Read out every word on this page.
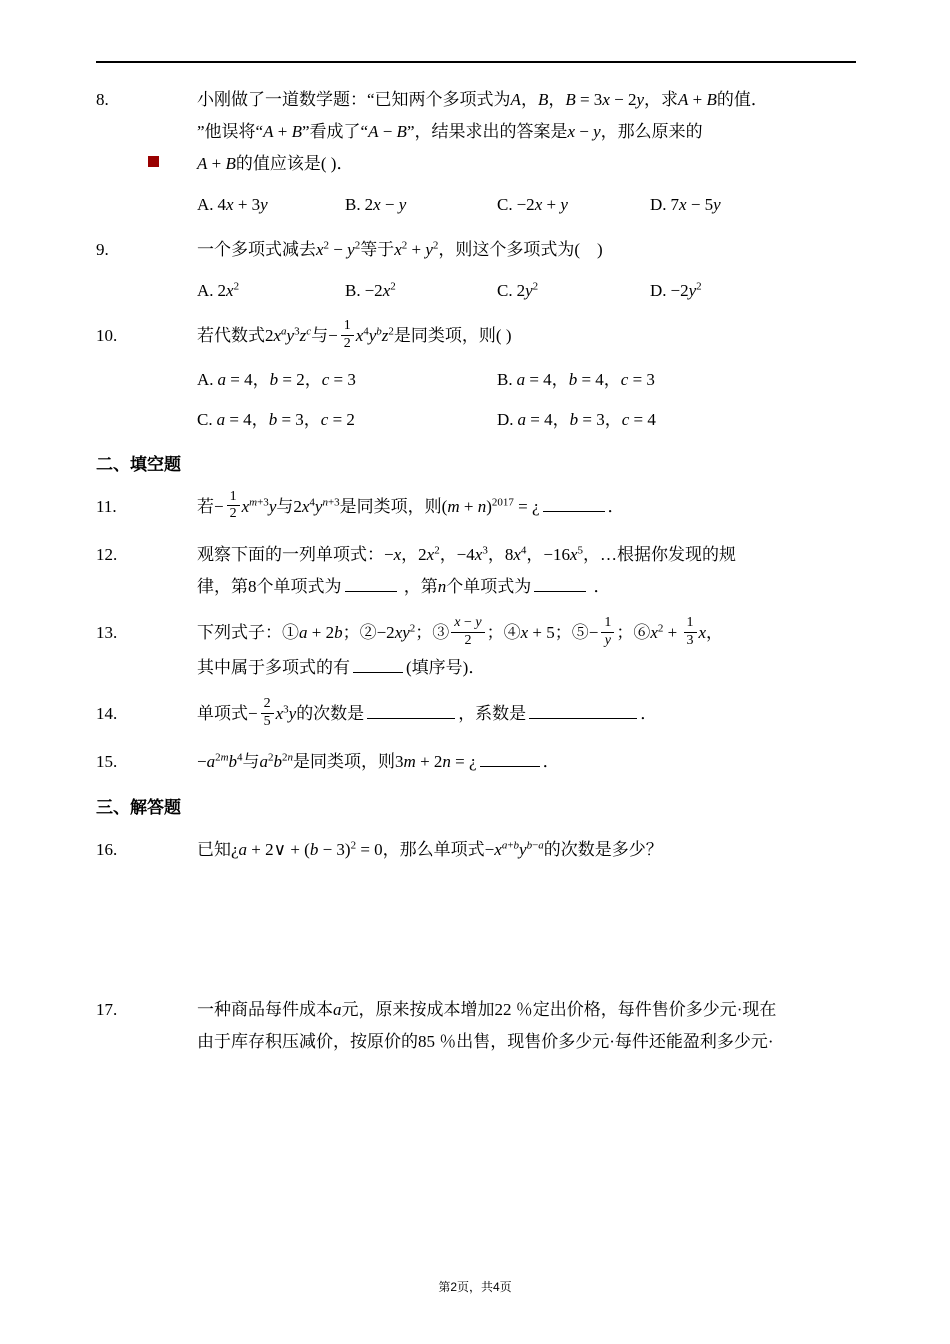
8.	小刚做了一道数学题：“已知两个多项式为A，B，B = 3x − 2y，求A + B的值．
”他误将“A + B”看成了“A − B”，结果求出的答案是x − y，那么原来的
A + B的值应该是( )．
A. 4x + 3y	B. 2x − y	C. −2x + y	D. 7x − 5y
9.	一个多项式减去$x^2 - y^2$等于$x^2 + y^2$，则这个多项式为(　)
A. $2x^2$	B. $-2x^2$	C. $2y^2$	D. $-2y^2$
10.	若代数式$2x^ay^3z^c$与− $\frac{1}{2} x^4y^bz^2$是同类项，则( )
A. a = 4，b = 2，c = 3	B. a = 4，b = 4，c = 3
C. a = 4，b = 3，c = 2	D. a = 4，b = 3，c = 4
二、填空题
11.	若− $\frac{1}{2} x^{m+3}y$与$2x^4y^{n+3}$是同类项，则$(m + n)^{2017}$ = ¿	．
12.	观察下面的一列单项式：−x，$2x^2$，$-4x^3$，$8x^4$，$-16x^5$，…根据你发现的规
律，第8个单项式为	，第n个单项式为	．
13.	下列式子：①a + 2b；$②-2xy^2$；③ $\frac{x - y}{2}$ ；④x + 5；⑤− $\frac{1}{y}$ ；$⑥x^2 + \frac{1}{3}$ x，
其中属于多项式的有	(填序号)．
14.	单项式− $\frac{2}{5} x^3y$的次数是	，系数是	．
15.	$-a^{2m}b^4$与$a^2b^{2n}$是同类项，则3m + 2n = ¿	．
三、解答题
16.	已知¿a + 2∨ + $(b - 3)^2 = 0$，那么单项式$-x^{a+b}y^{b-a}$的次数是多少？
17.	一种商品每件成本a元，原来按成本增加22 ％定出价格，每件售价多少元·现在
由于库存积压减价，按原价的85 ％出售，现售价多少元·每件还能盈利多少元·
第2页，共4页
